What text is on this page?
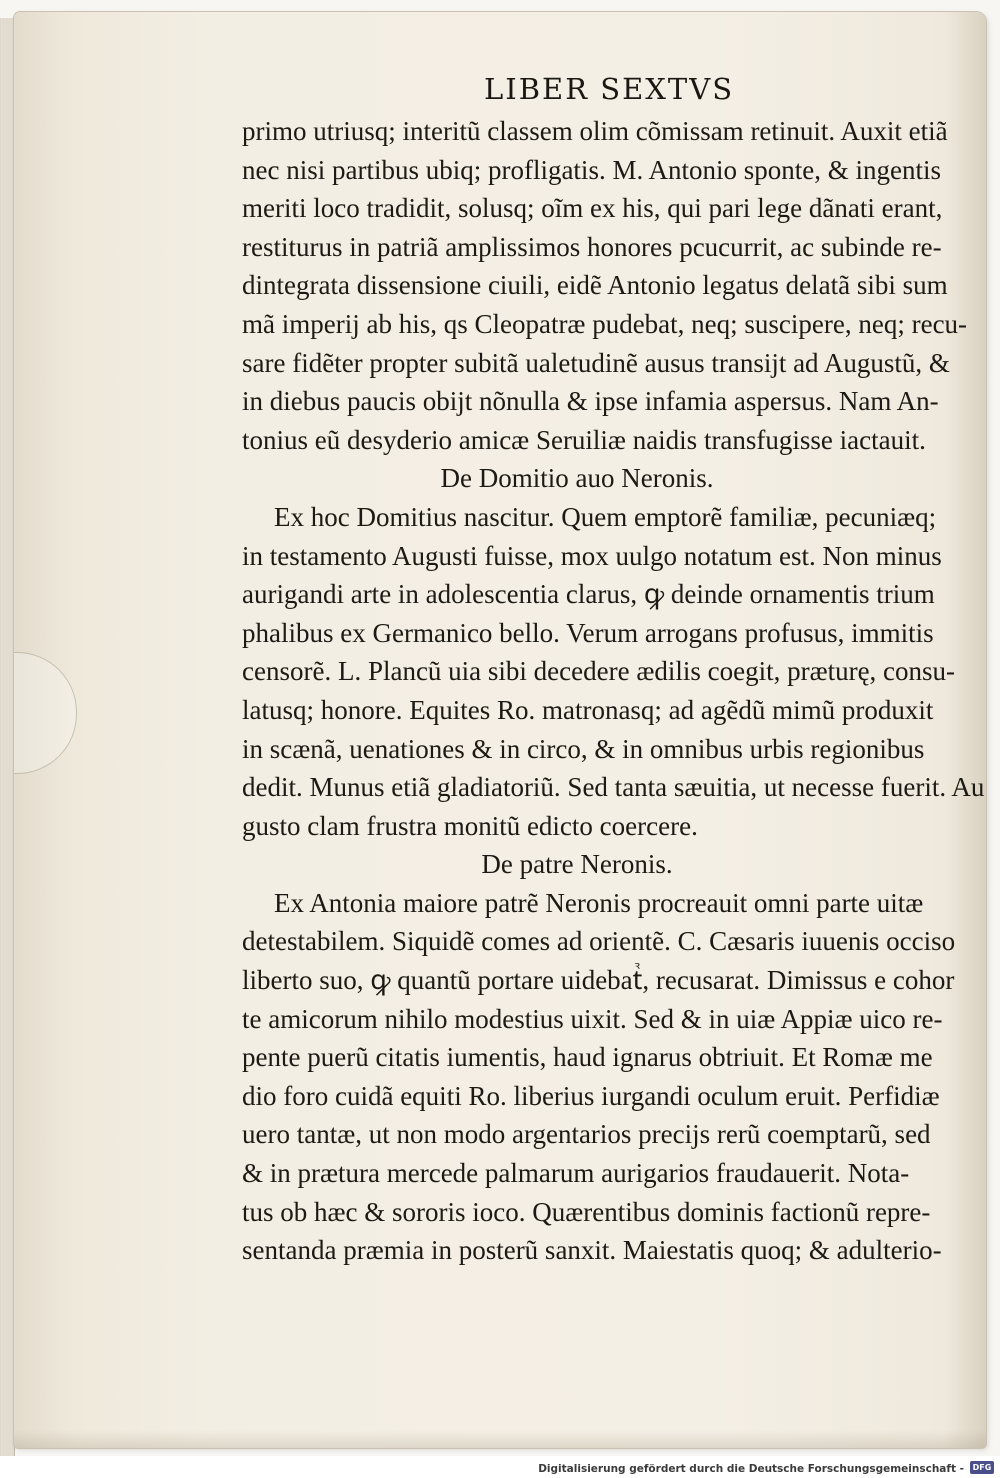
LIBER SEXTVS
primo utriusq; interitũ classem olim cõmissam retinuit. Auxit etiã
nec nisi partibus ubiq; profligatis. M. Antonio sponte, & ingentis
meriti loco tradidit, solusq; oĩm ex his, qui pari lege dãnati erant,
restiturus in patriã amplissimos honores pcucurrit, ac subinde re-
dintegrata dissensione ciuili, eidẽ Antonio legatus delatã sibi sum
mã imperij ab his, qs Cleopatræ pudebat, neq; suscipere, neq; recu-
sare fidẽter propter subitã ualetudinẽ ausus transijt ad Augustũ, &
in diebus paucis obijt nõnulla & ipse infamia aspersus. Nam An-
tonius eũ desyderio amicæ Seruiliæ naidis transfugisse iactauit.
De Domitio auo Neronis.
Ex hoc Domitius nascitur. Quem emptorẽ familiæ, pecuniæq;
in testamento Augusti fuisse, mox uulgo notatum est. Non minus
aurigandi arte in adolescentia clarus, ꝙ deinde ornamentis trium
phalibus ex Germanico bello. Verum arrogans profusus, immitis
censorẽ. L. Plancũ uia sibi decedere ædilis coegit, præturę, consu-
latusq; honore. Equites Ro. matronasq; ad agẽdũ mimũ produxit
in scænã, uenationes & in circo, & in omnibus urbis regionibus
dedit. Munus etiã gladiatoriũ. Sed tanta sæuitia, ut necesse fuerit. Au
gusto clam frustra monitũ edicto coercere.
De patre Neronis.
Ex Antonia maiore patrẽ Neronis procreauit omni parte uitæ
detestabilem. Siquidẽ comes ad orientẽ. C. Cæsaris iuuenis occiso
liberto suo, ꝙ quantũ portare uidebatᷣ, recusarat. Dimissus e cohor
te amicorum nihilo modestius uixit. Sed & in uiæ Appiæ uico re-
pente puerũ citatis iumentis, haud ignarus obtriuit. Et Romæ me
dio foro cuidã equiti Ro. liberius iurgandi oculum eruit. Perfidiæ
uero tantæ, ut non modo argentarios precijs rerũ coemptarũ, sed
& in prætura mercede palmarum aurigarios fraudauerit. Nota-
tus ob hæc & sororis ioco. Quærentibus dominis factionũ repre-
sentanda præmia in posterũ sanxit. Maiestatis quoq; & adulterio-
Digitalisierung gefördert durch die Deutsche Forschungsgemeinschaft -	DFG
